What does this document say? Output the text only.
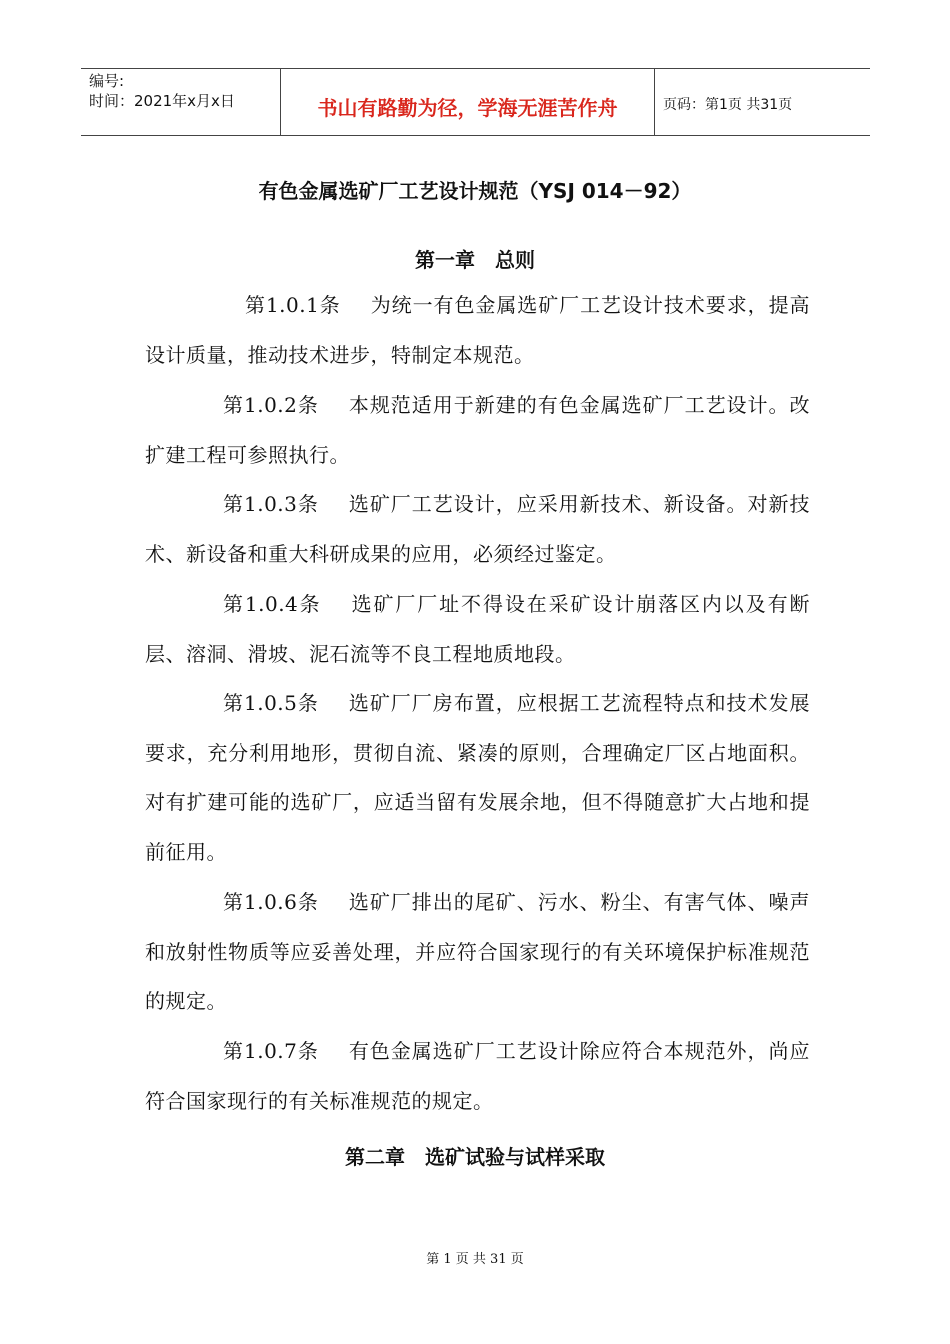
编号:
时间：2021年x月x日	书山有路勤为径，学海无涯苦作舟	页码：第1页 共31页
有色金属选矿厂工艺设计规范（YSJ 014－92）
第一章　总则

第1.0.1条 为统一有色金属选矿厂工艺设计技术要求，提高设计质量，推动技术进步，特制定本规范。

第1.0.2条 本规范适用于新建的有色金属选矿厂工艺设计。改扩建工程可参照执行。

第1.0.3条 选矿厂工艺设计，应采用新技术、新设备。对新技术、新设备和重大科研成果的应用，必须经过鉴定。

第1.0.4条 选矿厂厂址不得设在采矿设计崩落区内以及有断层、溶洞、滑坡、泥石流等不良工程地质地段。

第1.0.5条 选矿厂厂房布置，应根据工艺流程特点和技术发展要求，充分利用地形，贯彻自流、紧凑的原则，合理确定厂区占地面积。对有扩建可能的选矿厂，应适当留有发展余地，但不得随意扩大占地和提前征用。

第1.0.6条 选矿厂排出的尾矿、污水、粉尘、有害气体、噪声和放射性物质等应妥善处理，并应符合国家现行的有关环境保护标准规范的规定。

第1.0.7条 有色金属选矿厂工艺设计除应符合本规范外，尚应符合国家现行的有关标准规范的规定。

第二章　选矿试验与试样采取
第 1 页 共 31 页
